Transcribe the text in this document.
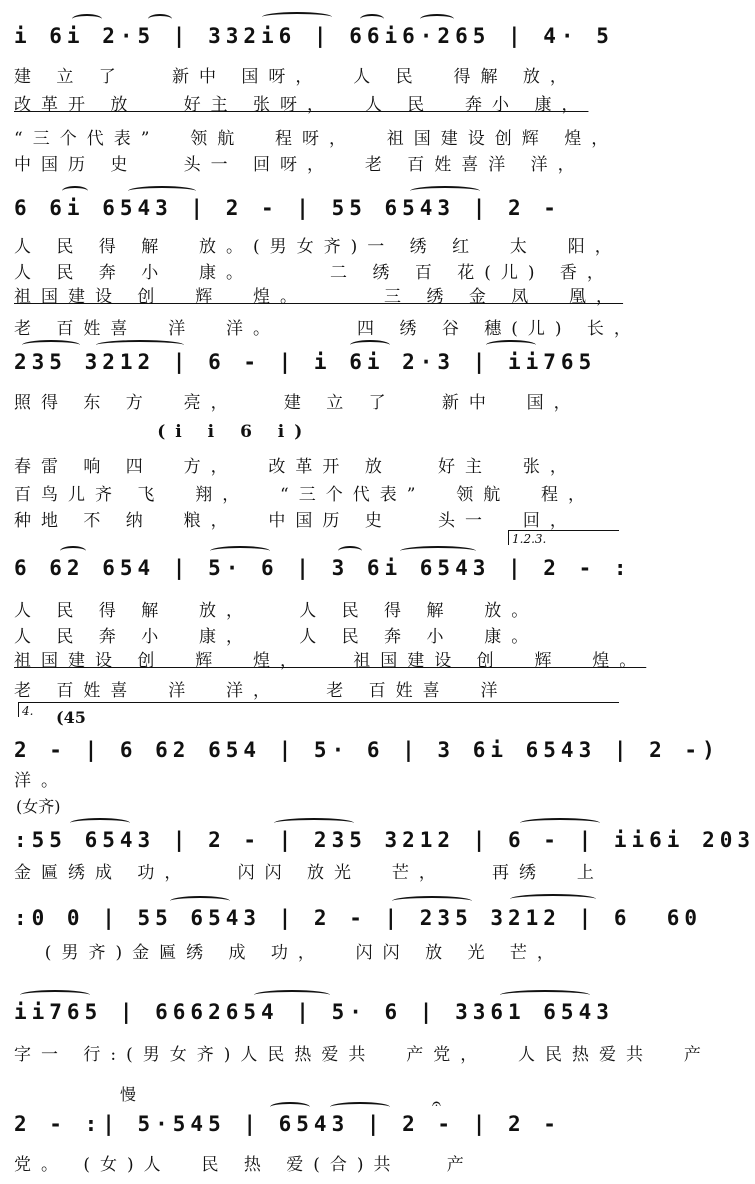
i 6i 2·5 | 332i6 | 66i6·265 | 4· 5
建 立 了   新中 国呀，  人 民  得解 放，
改革开 放   好主 张呀，  人 民  奔小 康，
“三个代表”  领航  程呀，  祖国建设创辉 煌，
中国历 史   头一 回呀，  老 百姓喜洋 洋，
6 6i 6543 | 2 - | 55 6543 | 2 -
人 民 得 解  放。(男女齐)一 绣 红  太  阳，
人 民 奔 小  康。     二 绣 百 花(儿) 香，
祖国建设 创  辉  煌。     三 绣 金 凤  凰，
老 百姓喜  洋  洋。     四 绣 谷 穗(儿) 长，
235 3212 | 6 - | i 6i 2·3 | ii765
照得 东 方  亮，   建 立 了   新中  国，
(i i 6 i)
春雷 响 四  方，  改革开 放   好主  张，
百鸟儿齐 飞  翔，  “三个代表”  领航  程，
种地 不 纳  粮，  中国历 史   头一  回，
1.2.3.
6 62 654 | 5· 6 | 3 6i 6543 | 2 - :
人 民 得 解  放，   人 民 得 解  放。
人 民 奔 小  康，   人 民 奔 小  康。
祖国建设 创  辉  煌，   祖国建设 创  辉  煌。
老 百姓喜  洋  洋，   老 百姓喜  洋
4. (45
2 - | 6 62 654 | 5· 6 | 3 6i 6543 | 2 -)
洋。
(女齐)
:55 6543 | 2 - | 235 3212 | 6 - | ii6i 203
金匾绣成 功，   闪闪 放光  芒，   再绣  上
:0 0 | 55 6543 | 2 - | 235 3212 | 6  60
(男齐)金匾绣 成 功，  闪闪 放 光 芒，
ii765 | 6662654 | 5· 6 | 3361 6543
字一 行:(男女齐)人民热爱共  产党，  人民热爱共  产
慢
2 - :| 5·545 | 6543 | 2 - | 2 -
𝄐
党。 (女)人  民 热 爱(合)共   产
